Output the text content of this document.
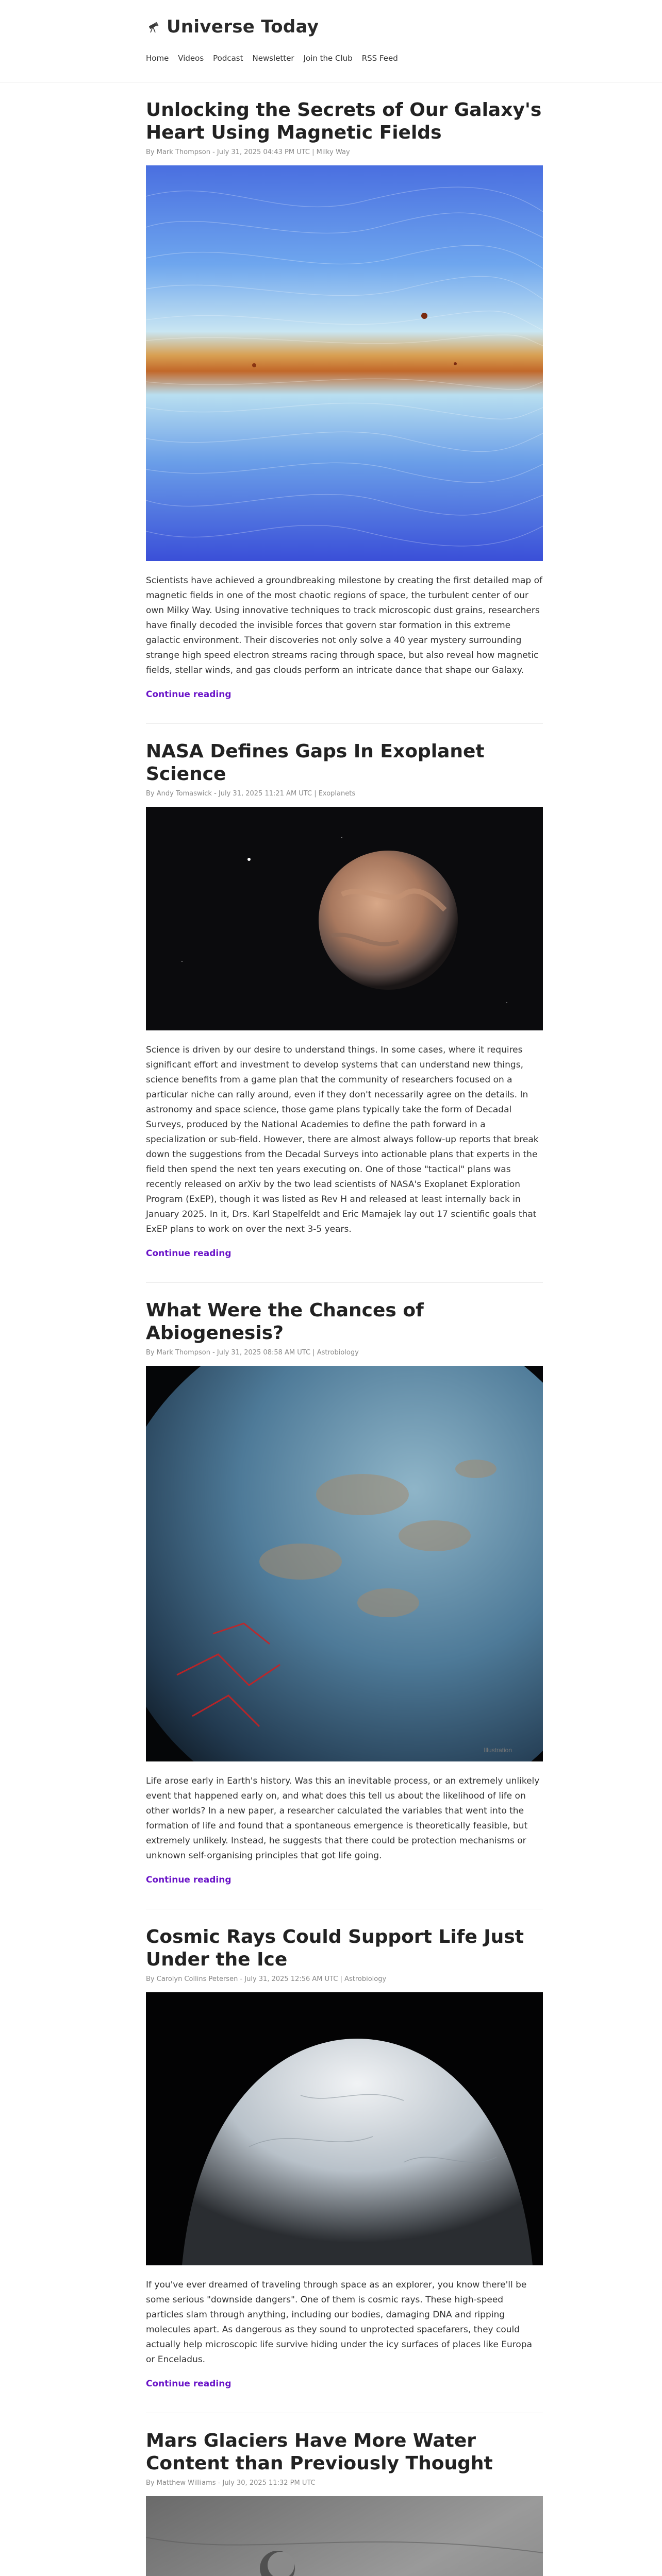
Universe Today
Home Videos Podcast Newsletter Join the Club RSS Feed
Unlocking the Secrets of Our Galaxy's Heart Using Magnetic Fields
By Mark Thompson - July 31, 2025 04:43 PM UTC | Milky Way

Scientists have achieved a groundbreaking milestone by creating the first detailed map of magnetic fields in one of the most chaotic regions of space, the turbulent center of our own Milky Way. Using innovative techniques to track microscopic dust grains, researchers have finally decoded the invisible forces that govern star formation in this extreme galactic environment. Their discoveries not only solve a 40 year mystery surrounding strange high speed electron streams racing through space, but also reveal how magnetic fields, stellar winds, and gas clouds perform an intricate dance that shape our Galaxy.

Continue reading
NASA Defines Gaps In Exoplanet Science
By Andy Tomaswick - July 31, 2025 11:21 AM UTC | Exoplanets

Science is driven by our desire to understand things. In some cases, where it requires significant effort and investment to develop systems that can understand new things, science benefits from a game plan that the community of researchers focused on a particular niche can rally around, even if they don't necessarily agree on the details. In astronomy and space science, those game plans typically take the form of Decadal Surveys, produced by the National Academies to define the path forward in a specialization or sub-field. However, there are almost always follow-up reports that break down the suggestions from the Decadal Surveys into actionable plans that experts in the field then spend the next ten years executing on. One of those "tactical" plans was recently released on arXiv by the two lead scientists of NASA's Exoplanet Exploration Program (ExEP), though it was listed as Rev H and released at least internally back in January 2025. In it, Drs. Karl Stapelfeldt and Eric Mamajek lay out 17 scientific goals that ExEP plans to work on over the next 3-5 years.

Continue reading
What Were the Chances of Abiogenesis?
By Mark Thompson - July 31, 2025 08:58 AM UTC | Astrobiology
Illustration

Life arose early in Earth's history. Was this an inevitable process, or an extremely unlikely event that happened early on, and what does this tell us about the likelihood of life on other worlds? In a new paper, a researcher calculated the variables that went into the formation of life and found that a spontaneous emergence is theoretically feasible, but extremely unlikely. Instead, he suggests that there could be protection mechanisms or unknown self-organising principles that got life going.

Continue reading
Cosmic Rays Could Support Life Just Under the Ice
By Carolyn Collins Petersen - July 31, 2025 12:56 AM UTC | Astrobiology

If you've ever dreamed of traveling through space as an explorer, you know there'll be some serious "downside dangers". One of them is cosmic rays. These high-speed particles slam through anything, including our bodies, damaging DNA and ripping molecules apart. As dangerous as they sound to unprotected spacefarers, they could actually help microscopic life survive hiding under the icy surfaces of places like Europa or Enceladus.

Continue reading
Mars Glaciers Have More Water Content than Previously Thought
By Matthew Williams - July 30, 2025 11:32 PM UTC
